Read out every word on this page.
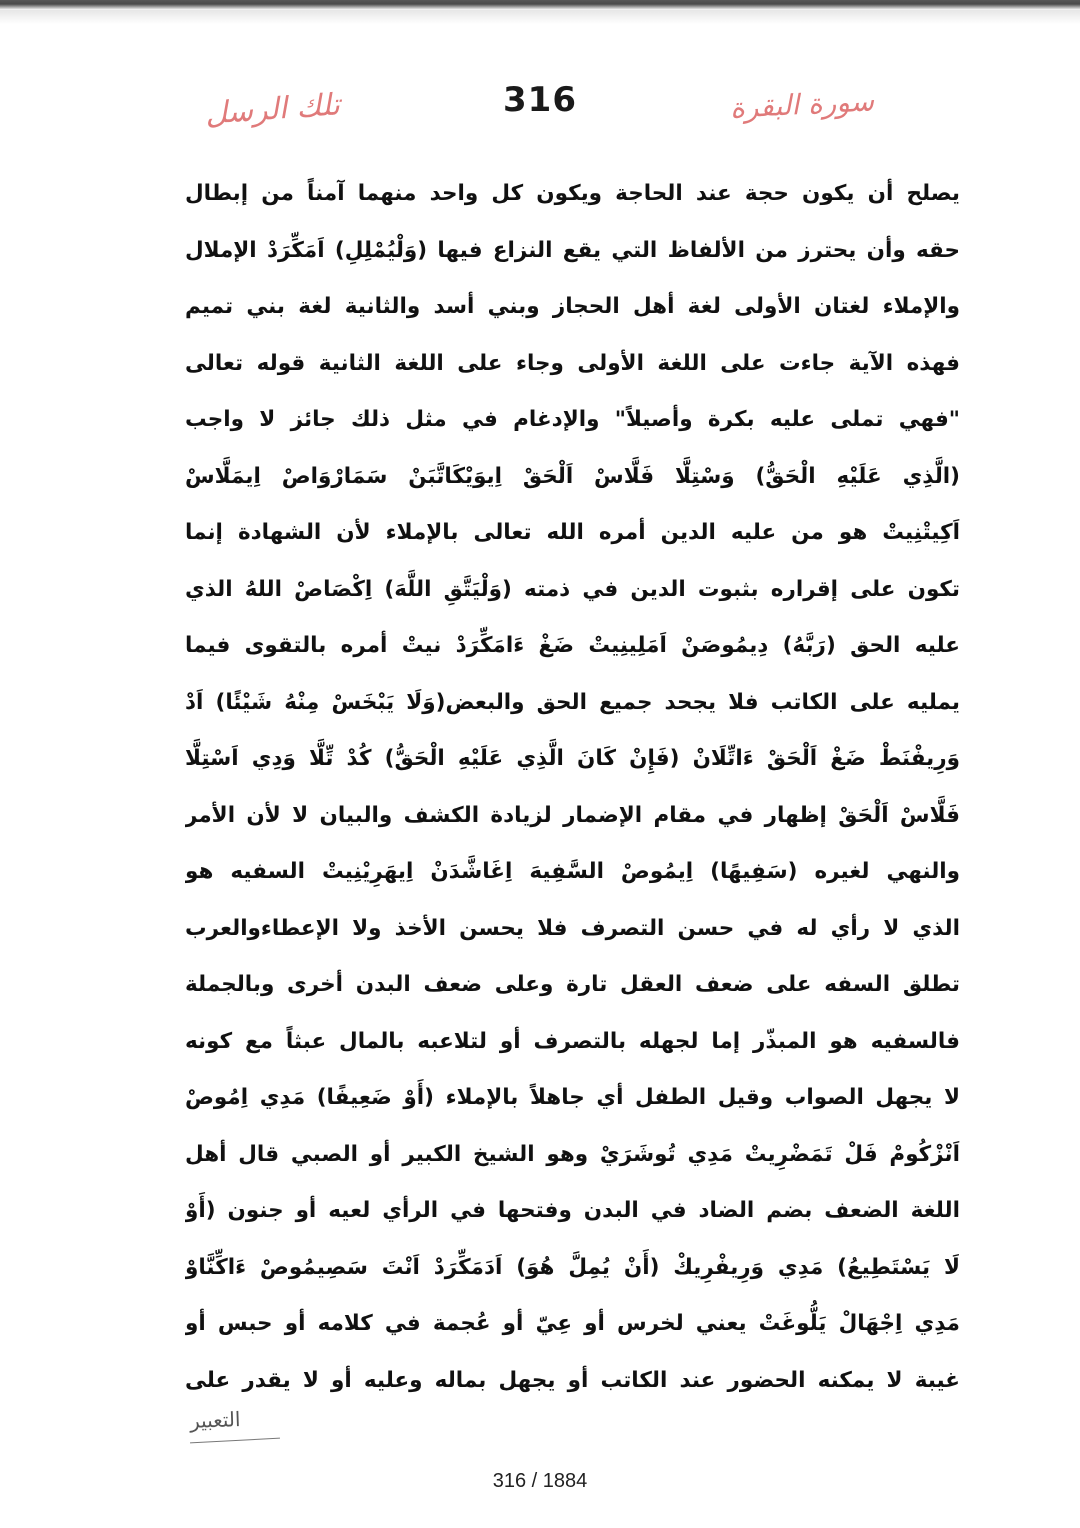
سورة البقرة
316
تلك الرسل
يصلح أن يكون حجة عند الحاجة ويكون كل واحد منهما آمناً من إبطال
حقه وأن يحترز من الألفاظ التي يقع النزاع فيها (وَلْيُمْلِلِ) اَمَكِّرَدْ الإملال
والإملاء لغتان الأولى لغة أهل الحجاز وبني أسد والثانية لغة بني تميم
فهذه الآية جاءت على اللغة الأولى وجاء على اللغة الثانية قوله تعالى
"فهي تملى عليه بكرة وأصيلاً" والإدغام في مثل ذلك جائز لا واجب
(الَّذِي عَلَيْهِ الْحَقُّ) وَسْتِلَّا فَلَّاسْ اَلْحَقْ اِيوَيْكَاتَّبَنْ سَمَارْوَاصْ اِيمَلَّاسْ
اَكِيتْنِيتْ هو من عليه الدين أمره الله تعالى بالإملاء لأن الشهادة إنما
تكون على إقراره بثبوت الدين في ذمته (وَلْيَتَّقِ اللَّهَ) اِكْصَاصْ اللهُ الذي
عليه الحق (رَبَّهُ) دِيمُوصَنْ اَمَلِينِيتْ ضَغْ ءَامَكِّرَدْ نيتْ أمره بالتقوى فيما
يمليه على الكاتب فلا يجحد جميع الحق والبعض(وَلَا يَبْخَسْ مِنْهُ شَيْئًا) اَدْ
وَرِيفْنَطْ ضَغْ اَلْحَقْ ءَاتِّلَانْ (فَإِنْ كَانَ الَّذِي عَلَيْهِ الْحَقُّ) كُدْ تِّلَّا وَدِي اَسْتِلَّا
فَلَّاسْ اَلْحَقْ إظهار في مقام الإضمار لزيادة الكشف والبيان لا لأن الأمر
والنهي لغيره (سَفِيهًا) اِيمُوصْ السَّفِيهَ اِغَاشَّدَنْ اِيهَرِيْنِيتْ السفيه هو
الذي لا رأي له في حسن التصرف فلا يحسن الأخذ ولا الإعطاءوالعرب
تطلق السفه على ضعف العقل تارة وعلى ضعف البدن أخرى وبالجملة
فالسفيه هو المبذّر إما لجهله بالتصرف أو لتلاعبه بالمال عبثاً مع كونه
لا يجهل الصواب وقيل الطفل أي جاهلاً بالإملاء (أَوْ ضَعِيفًا) مَدِي اِمُوصْ
اَنْزْكُومْ فَلْ تَمَضْرِيتْ مَدِي تُوشَرَيْ وهو الشيخ الكبير أو الصبي قال أهل
اللغة الضعف بضم الضاد في البدن وفتحها في الرأي لعيه أو جنون (أَوْ
لَا يَسْتَطِيعُ) مَدِي وَرِيفْرِيكْ (أَنْ يُمِلَّ هُوَ) اَدَمَكِّرَدْ اَنْتَ سَصِيمُوصْ ءَاكِّنَّاوْ
مَدِي اِجْهَالْ يَلُّوغَتْ يعني لخرس أو عِيّ أو عُجمة في كلامه أو حبس أو
غيبة لا يمكنه الحضور عند الكاتب أو يجهل بماله وعليه أو لا يقدر على
التعبير
316 / 1884
